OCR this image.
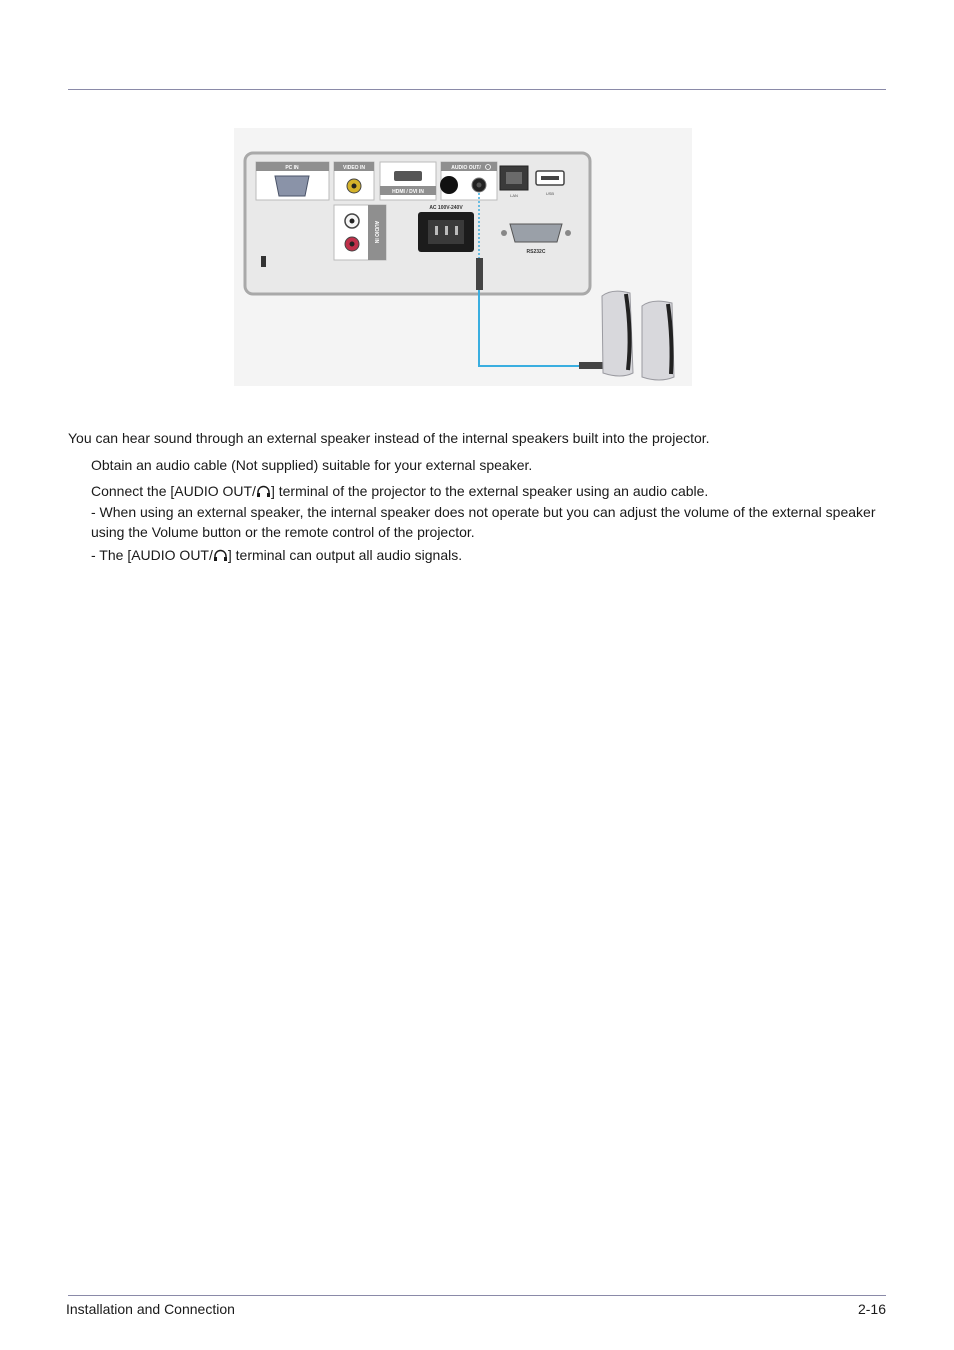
PC IN	VIDEO IN
HDMI / DVI IN
AUDIO OUT/
LAN	USB
AUDIO IN
AC 100V-240V
RS232C
You can hear sound through an external speaker instead of the internal speakers built into the projector.
Obtain an audio cable (Not supplied) suitable for your external speaker.
Connect the [AUDIO OUT/ ] terminal of the projector to the external speaker using an audio cable.
- When using an external speaker, the internal speaker does not operate but you can adjust the volume of the external speaker using the Volume button or the remote control of the projector.
- The [AUDIO OUT/ ] terminal can output all audio signals.
Installation and Connection	2-16
